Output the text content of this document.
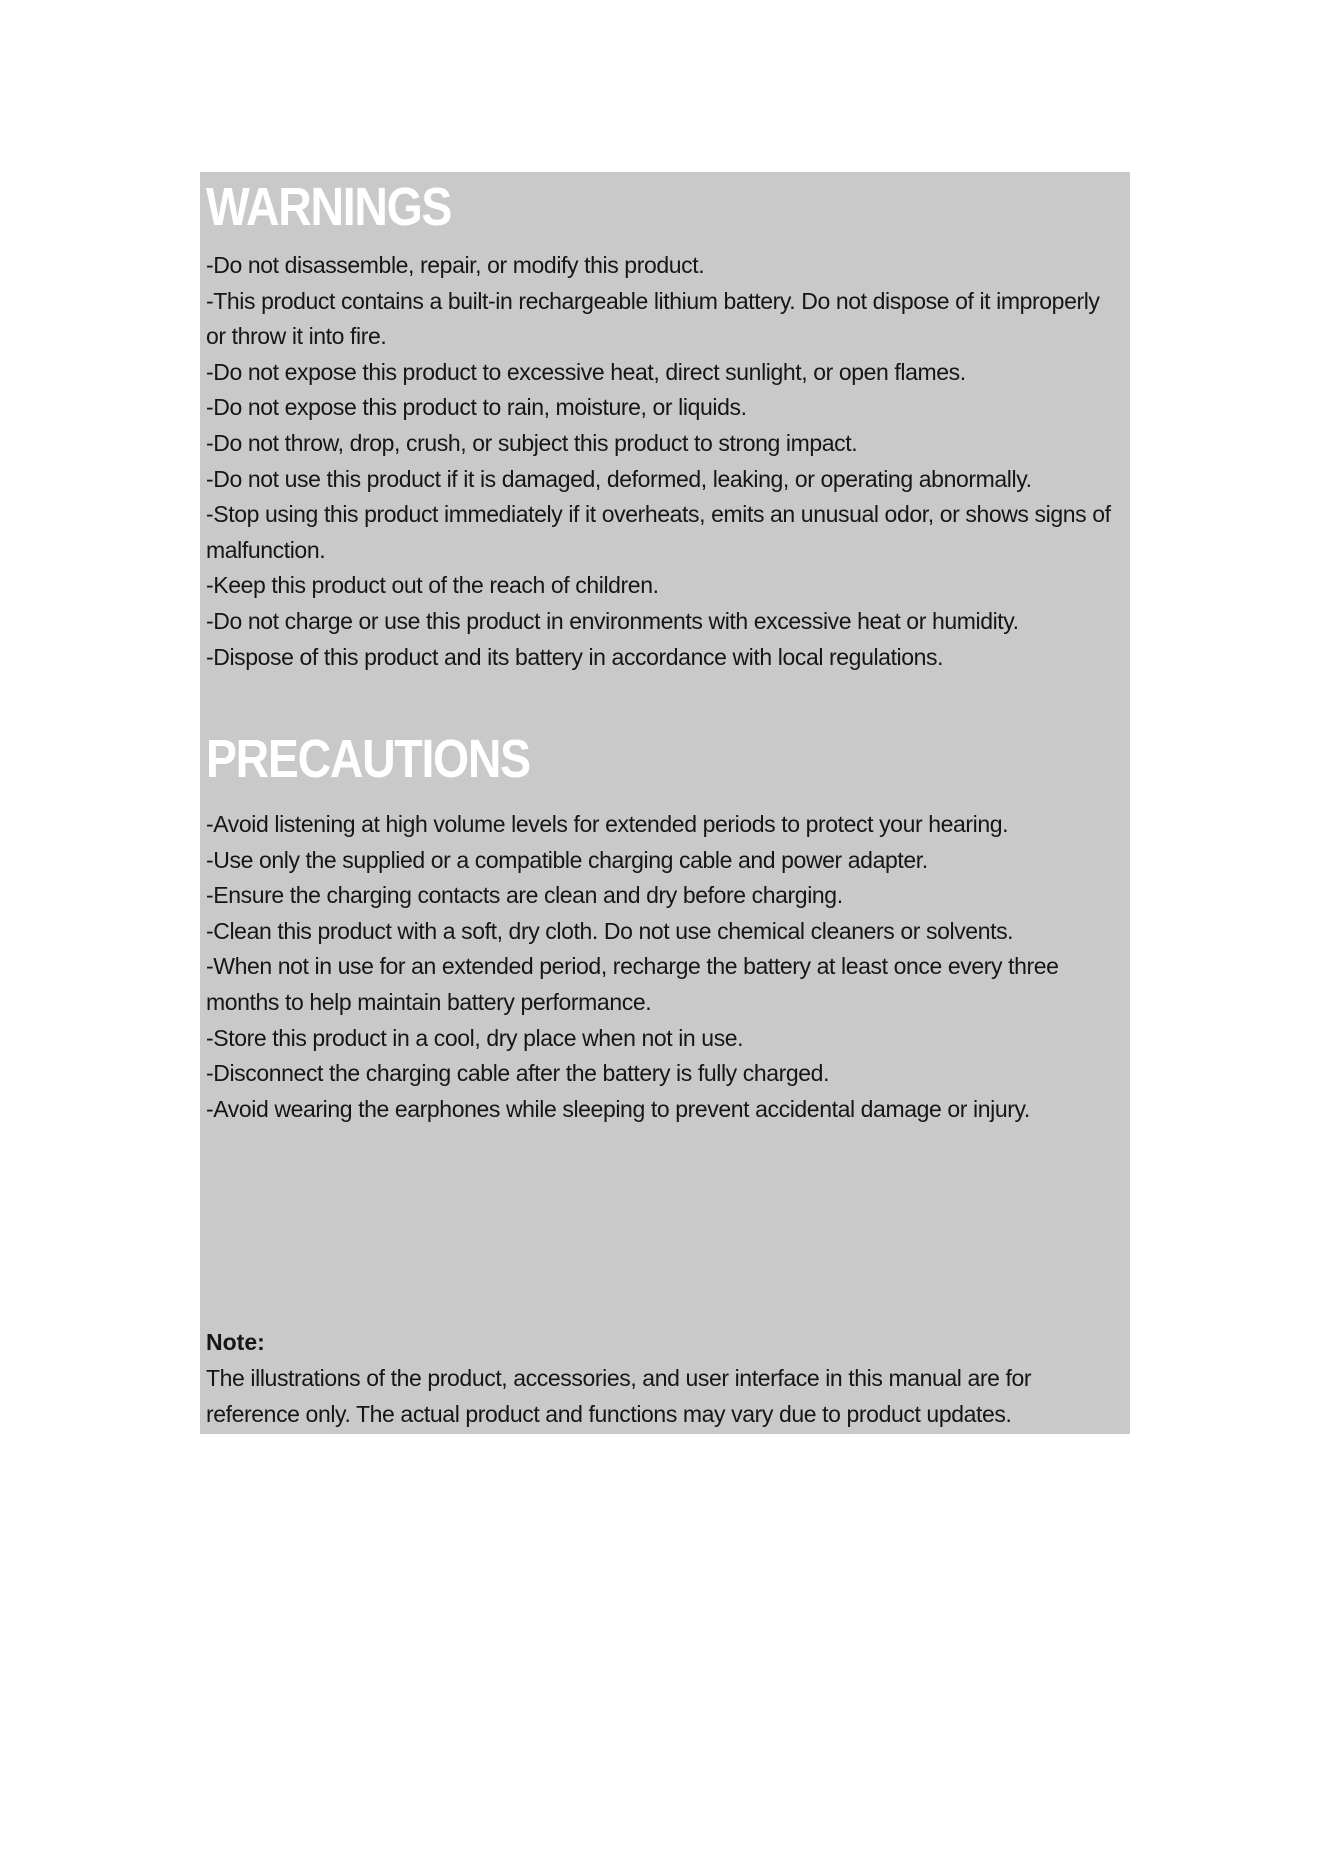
WARNINGS
-Do not disassemble, repair, or modify this product.
-This product contains a built-in rechargeable lithium battery. Do not dispose of it improperly or throw it into fire.
-Do not expose this product to excessive heat, direct sunlight, or open flames.
-Do not expose this product to rain, moisture, or liquids.
-Do not throw, drop, crush, or subject this product to strong impact.
-Do not use this product if it is damaged, deformed, leaking, or operating abnormally.
-Stop using this product immediately if it overheats, emits an unusual odor, or shows signs of malfunction.
-Keep this product out of the reach of children.
-Do not charge or use this product in environments with excessive heat or humidity.
-Dispose of this product and its battery in accordance with local regulations.
PRECAUTIONS
-Avoid listening at high volume levels for extended periods to protect your hearing.
-Use only the supplied or a compatible charging cable and power adapter.
-Ensure the charging contacts are clean and dry before charging.
-Clean this product with a soft, dry cloth. Do not use chemical cleaners or solvents.
-When not in use for an extended period, recharge the battery at least once every three months to help maintain battery performance.
-Store this product in a cool, dry place when not in use.
-Disconnect the charging cable after the battery is fully charged.
-Avoid wearing the earphones while sleeping to prevent accidental damage or injury.
Note:

The illustrations of the product, accessories, and user interface in this manual are for reference only. The actual product and functions may vary due to product updates.
